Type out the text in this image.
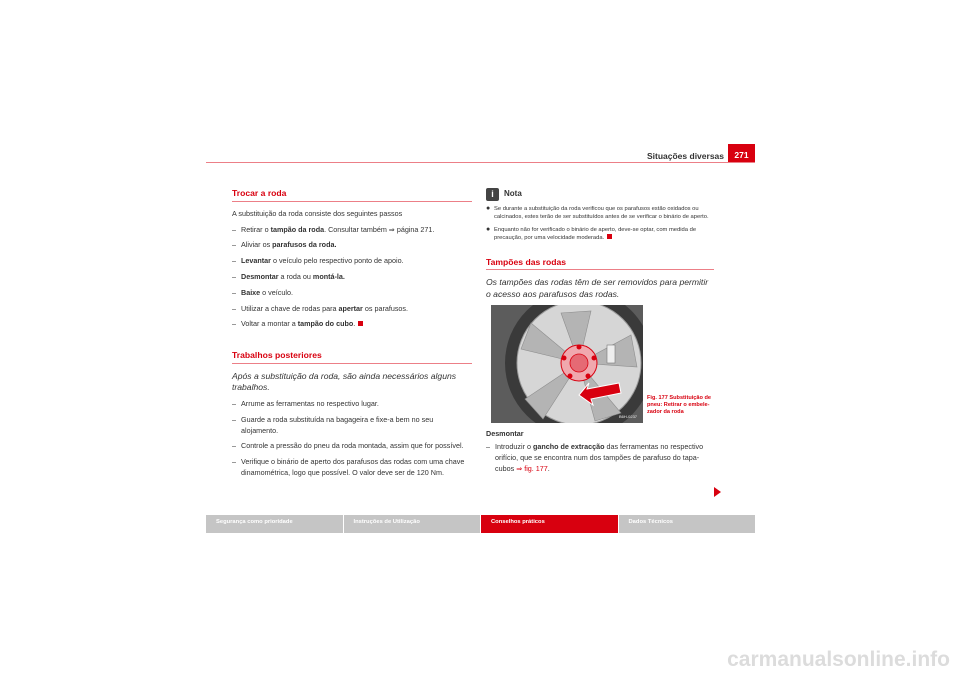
Situações diversas	271
Trocar a roda
A substituição da roda consiste dos seguintes passos
– Retirar o tampão da roda. Consultar também ⇒ página 271.
– Aliviar os parafusos da roda.
– Levantar o veículo pelo respectivo ponto de apoio.
– Desmontar a roda ou montá-la.
– Baixe o veículo.
– Utilizar a chave de rodas para apertar os parafusos.
– Voltar a montar a tampão do cubo.
Trabalhos posteriores
Após a substituição da roda, são ainda necessários alguns trabalhos.
– Arrume as ferramentas no respectivo lugar.
– Guarde a roda substituída na bagageira e fixe-a bem no seu alojamento.
– Controle a pressão do pneu da roda montada, assim que for possível.
– Verifique o binário de aperto dos parafusos das rodas com uma chave dinamométrica, logo que possível. O valor deve ser de 120 Nm.
i	Nota
● Se durante a substituição da roda verificou que os parafusos estão oxidados ou calcinados, estes terão de ser substituídos antes de se verificar o binário de aperto.
● Enquanto não for verificado o binário de aperto, deve-se optar, com medida de precaução, por uma velocidade moderada.
Tampões das rodas
Os tampões das rodas têm de ser removidos para permitir o acesso aos parafusos das rodas.
B6H-0237
Fig. 177 Substituição de pneu: Retirar o embele-zador da roda
Desmontar
– Introduzir o gancho de extracção das ferramentas no respectivo orifício, que se encontra num dos tampões de parafuso do tapa-cubos ⇒ fig. 177.
Segurança como prioridade	Instruções de Utilização	Conselhos práticos	Dados Técnicos
carmanualsonline.info
